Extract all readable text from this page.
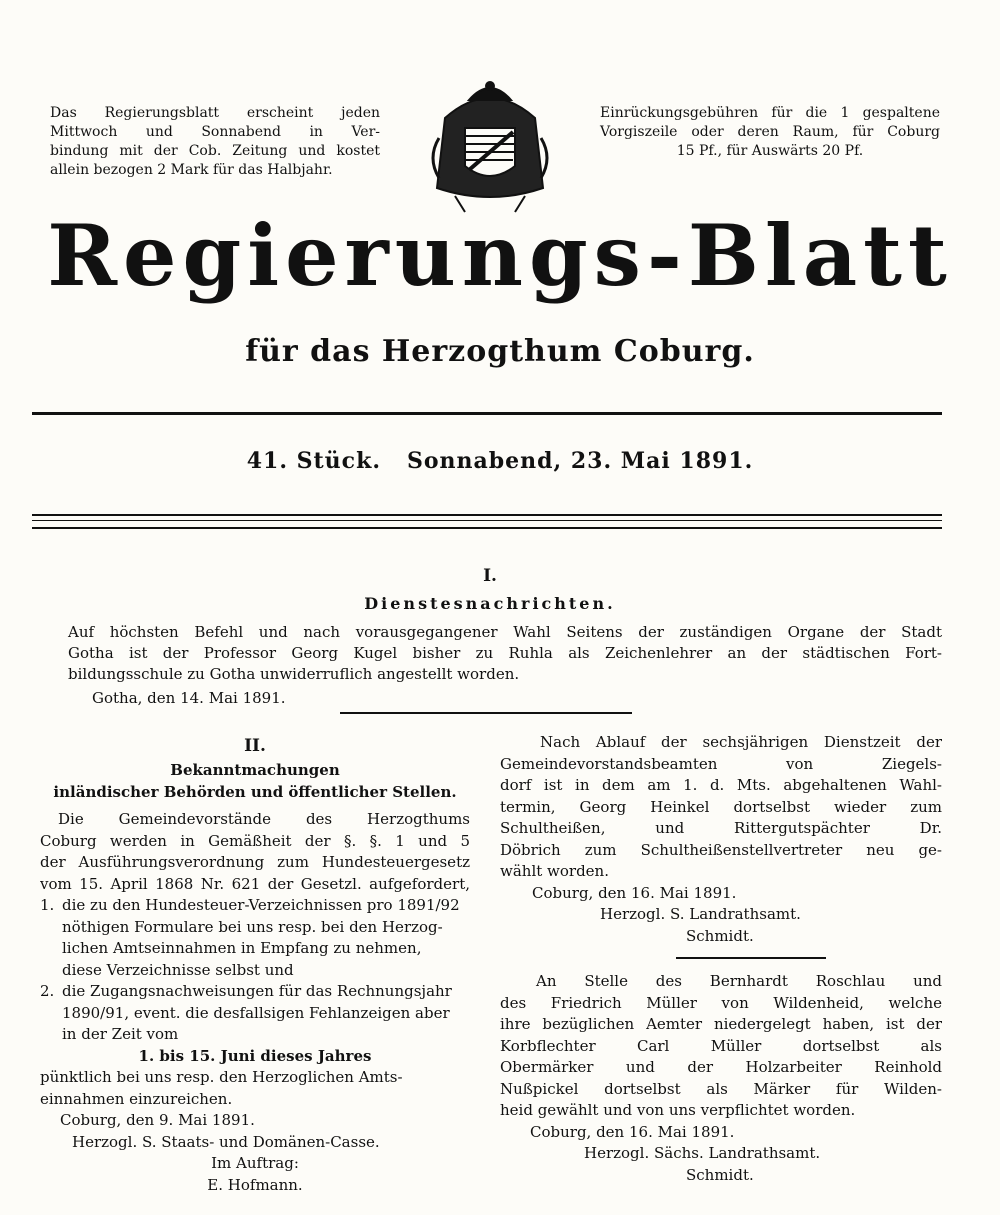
Das Regierungsblatt erscheint jeden
Mittwoch und Sonnabend in Ver-
bindung mit der Cob. Zeitung und kostet
allein bezogen 2 Mark für das Halbjahr.
Einrückungsgebühren für die 1 gespaltene
Vorgiszeile oder deren Raum, für Coburg
15 Pf., für Auswärts 20 Pf.
Regierungs-Blatt
für das Herzogthum Coburg.
41. Stück.   Sonnabend, 23. Mai 1891.
I.
Dienstesnachrichten.
Auf höchsten Befehl und nach vorausgegangener Wahl Seitens der zuständigen Organe der Stadt
Gotha ist der Professor Georg Kugel bisher zu Ruhla als Zeichenlehrer an der städtischen Fort-
bildungsschule zu Gotha unwiderruflich angestellt worden.
Gotha, den 14. Mai 1891.
II.
Bekanntmachungen
inländischer Behörden und öffentlicher Stellen.
Die Gemeindevorstände des Herzogthums
Coburg werden in Gemäßheit der §. §. 1 und 5
der Ausführungsverordnung zum Hundesteuergesetz
vom 15. April 1868 Nr. 621 der Gesetzl. aufgefordert,
1. die zu den Hundesteuer-Verzeichnissen pro 1891/92
nöthigen Formulare bei uns resp. bei den Herzog-
lichen Amtseinnahmen in Empfang zu nehmen,
diese Verzeichnisse selbst und
2. die Zugangsnachweisungen für das Rechnungsjahr
1890/91, event. die desfallsigen Fehlanzeigen aber
in der Zeit vom
1. bis 15. Juni dieses Jahres
pünktlich bei uns resp. den Herzoglichen Amts-
einnahmen einzureichen.
Coburg, den 9. Mai 1891.
Herzogl. S. Staats- und Domänen-Casse.
Im Auftrag:
E. Hofmann.
Nach Ablauf der sechsjährigen Dienstzeit der
Gemeindevorstandsbeamten von Ziegels-
dorf ist in dem am 1. d. Mts. abgehaltenen Wahl-
termin, Georg Heinkel dortselbst wieder zum
Schultheißen, und Rittergutspächter Dr.
Döbrich zum Schultheißenstellvertreter neu ge-
wählt worden.
Coburg, den 16. Mai 1891.
Herzogl. S. Landrathsamt.
Schmidt.
An Stelle des Bernhardt Roschlau und
des Friedrich Müller von Wildenheid, welche
ihre bezüglichen Aemter niedergelegt haben, ist der
Korbflechter Carl Müller dortselbst als
Obermärker und der Holzarbeiter Reinhold
Nußpickel dortselbst als Märker für Wilden-
heid gewählt und von uns verpflichtet worden.
Coburg, den 16. Mai 1891.
Herzogl. Sächs. Landrathsamt.
Schmidt.
